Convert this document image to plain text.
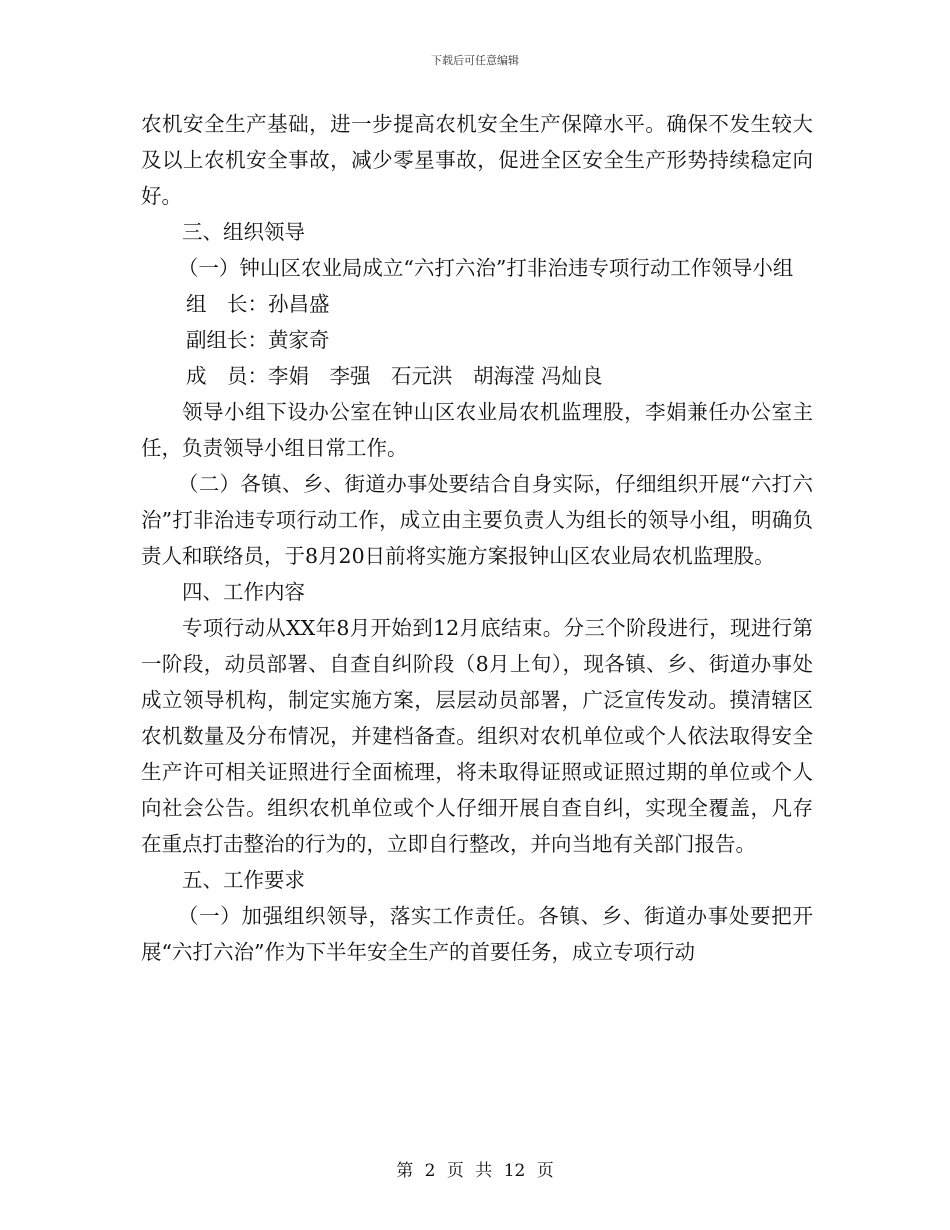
下载后可任意编辑

农机安全生产基础，进一步提高农机安全生产保障水平。确保不发生较大及以上农机安全事故，减少零星事故，促进全区安全生产形势持续稳定向好。

三、组织领导

（一）钟山区农业局成立“六打六治”打非治违专项行动工作领导小组

组　长：孙昌盛

副组长：黄家奇

成　员：李娟　李强　石元洪　胡海滢 冯灿良

领导小组下设办公室在钟山区农业局农机监理股，李娟兼任办公室主任，负责领导小组日常工作。

（二）各镇、乡、街道办事处要结合自身实际，仔细组织开展“六打六治”打非治违专项行动工作，成立由主要负责人为组长的领导小组，明确负责人和联络员，于8月20日前将实施方案报钟山区农业局农机监理股。

四、工作内容

专项行动从XX年8月开始到12月底结束。分三个阶段进行，现进行第一阶段，动员部署、自查自纠阶段（8月上旬），现各镇、乡、街道办事处成立领导机构，制定实施方案，层层动员部署，广泛宣传发动。摸清辖区农机数量及分布情况，并建档备查。组织对农机单位或个人依法取得安全生产许可相关证照进行全面梳理，将未取得证照或证照过期的单位或个人向社会公告。组织农机单位或个人仔细开展自查自纠，实现全覆盖，凡存在重点打击整治的行为的，立即自行整改，并向当地有关部门报告。

五、工作要求

（一）加强组织领导，落实工作责任。各镇、乡、街道办事处要把开展“六打六治”作为下半年安全生产的首要任务，成立专项行动

第 2 页 共 12 页
